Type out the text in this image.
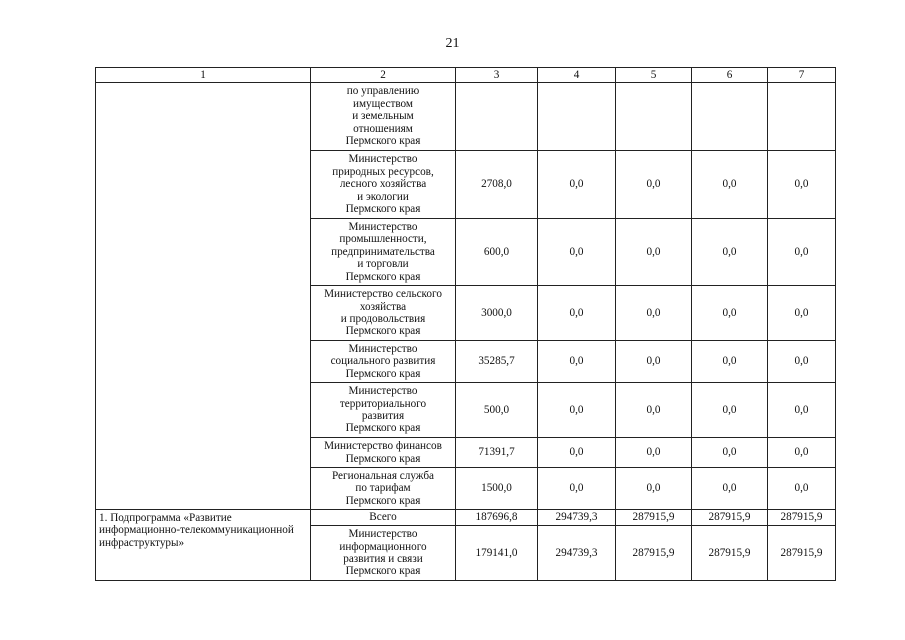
21
1	2	3	4	5	6	7
	по управлению
имуществом
и земельным
отношениям
Пермского края					
	Министерство
природных ресурсов,
лесного хозяйства
и экологии
Пермского края	2708,0	0,0	0,0	0,0	0,0
	Министерство
промышленности,
предпринимательства
и торговли
Пермского края	600,0	0,0	0,0	0,0	0,0
	Министерство сельского
хозяйства
и продовольствия
Пермского края	3000,0	0,0	0,0	0,0	0,0
	Министерство
социального развития
Пермского края	35285,7	0,0	0,0	0,0	0,0
	Министерство
территориального
развития
Пермского края	500,0	0,0	0,0	0,0	0,0
	Министерство финансов
Пермского края	71391,7	0,0	0,0	0,0	0,0
	Региональная служба
по тарифам
Пермского края	1500,0	0,0	0,0	0,0	0,0

1. Подпрограмма «Развитие информационно-телекоммуникационной инфраструктуры»	Всего	187696,8	294739,3	287915,9	287915,9	287915,9
	Министерство
информационного
развития и связи
Пермского края	179141,0	294739,3	287915,9	287915,9	287915,9
